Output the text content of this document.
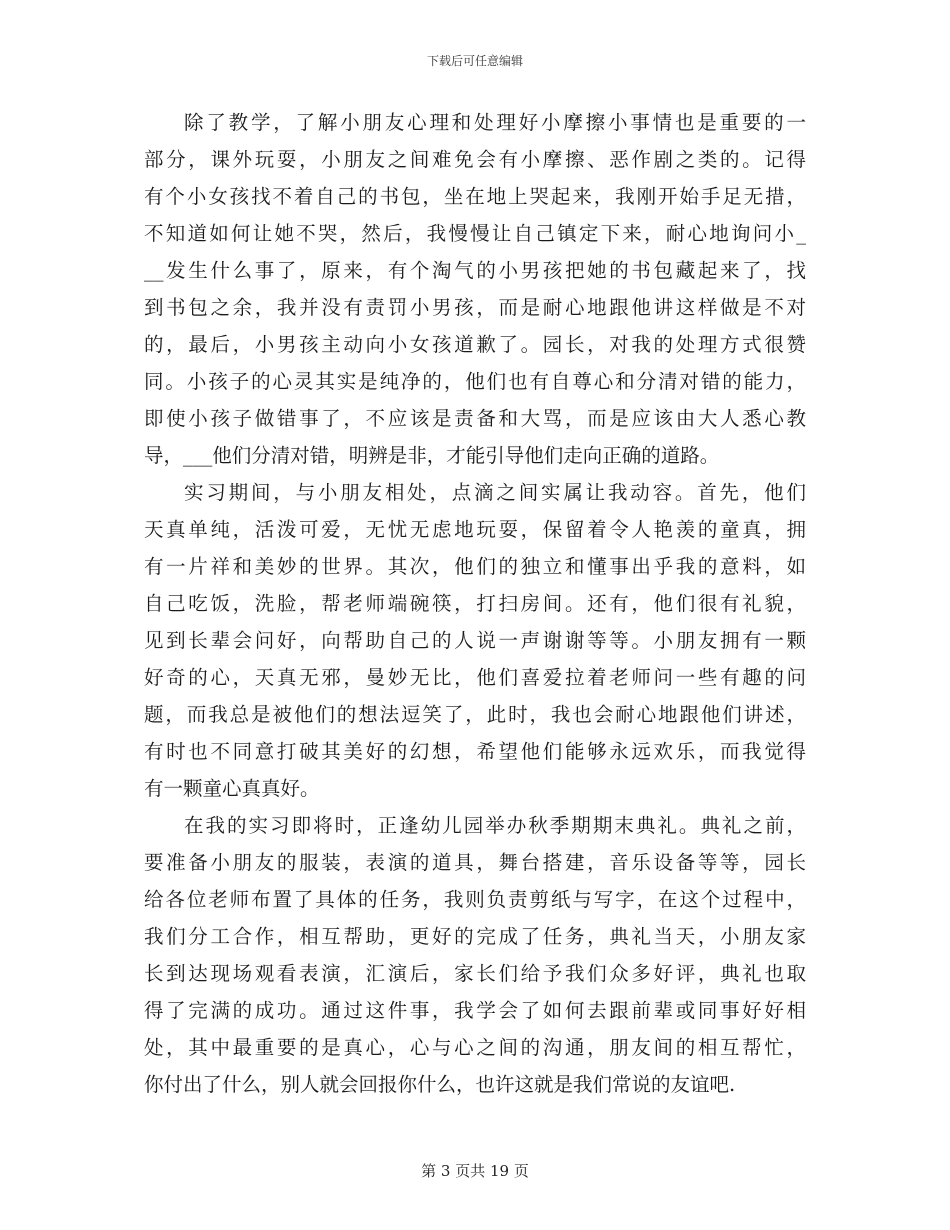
下载后可任意编辑
除了教学，了解小朋友心理和处理好小摩擦小事情也是重要的一
部分，课外玩耍，小朋友之间难免会有小摩擦、恶作剧之类的。记得
有个小女孩找不着自己的书包，坐在地上哭起来，我刚开始手足无措，
不知道如何让她不哭，然后，我慢慢让自己镇定下来，耐心地询问小_
__发生什么事了，原来，有个淘气的小男孩把她的书包藏起来了，找
到书包之余，我并没有责罚小男孩，而是耐心地跟他讲这样做是不对
的，最后，小男孩主动向小女孩道歉了。园长，对我的处理方式很赞
同。小孩子的心灵其实是纯净的，他们也有自尊心和分清对错的能力，
即使小孩子做错事了，不应该是责备和大骂，而是应该由大人悉心教
导，___他们分清对错，明辨是非，才能引导他们走向正确的道路。
实习期间，与小朋友相处，点滴之间实属让我动容。首先，他们
天真单纯，活泼可爱，无忧无虑地玩耍，保留着令人艳羡的童真，拥
有一片祥和美妙的世界。其次，他们的独立和懂事出乎我的意料，如
自己吃饭，洗脸，帮老师端碗筷，打扫房间。还有，他们很有礼貌，
见到长辈会问好，向帮助自己的人说一声谢谢等等。小朋友拥有一颗
好奇的心，天真无邪，曼妙无比，他们喜爱拉着老师问一些有趣的问
题，而我总是被他们的想法逗笑了，此时，我也会耐心地跟他们讲述，
有时也不同意打破其美好的幻想，希望他们能够永远欢乐，而我觉得
有一颗童心真真好。
在我的实习即将时，正逢幼儿园举办秋季期期末典礼。典礼之前，
要准备小朋友的服装，表演的道具，舞台搭建，音乐设备等等，园长
给各位老师布置了具体的任务，我则负责剪纸与写字，在这个过程中，
我们分工合作，相互帮助，更好的完成了任务，典礼当天，小朋友家
长到达现场观看表演，汇演后，家长们给予我们众多好评，典礼也取
得了完满的成功。通过这件事，我学会了如何去跟前辈或同事好好相
处，其中最重要的是真心，心与心之间的沟通，朋友间的相互帮忙，
你付出了什么，别人就会回报你什么，也许这就是我们常说的友谊吧.
第 3 页共 19 页
